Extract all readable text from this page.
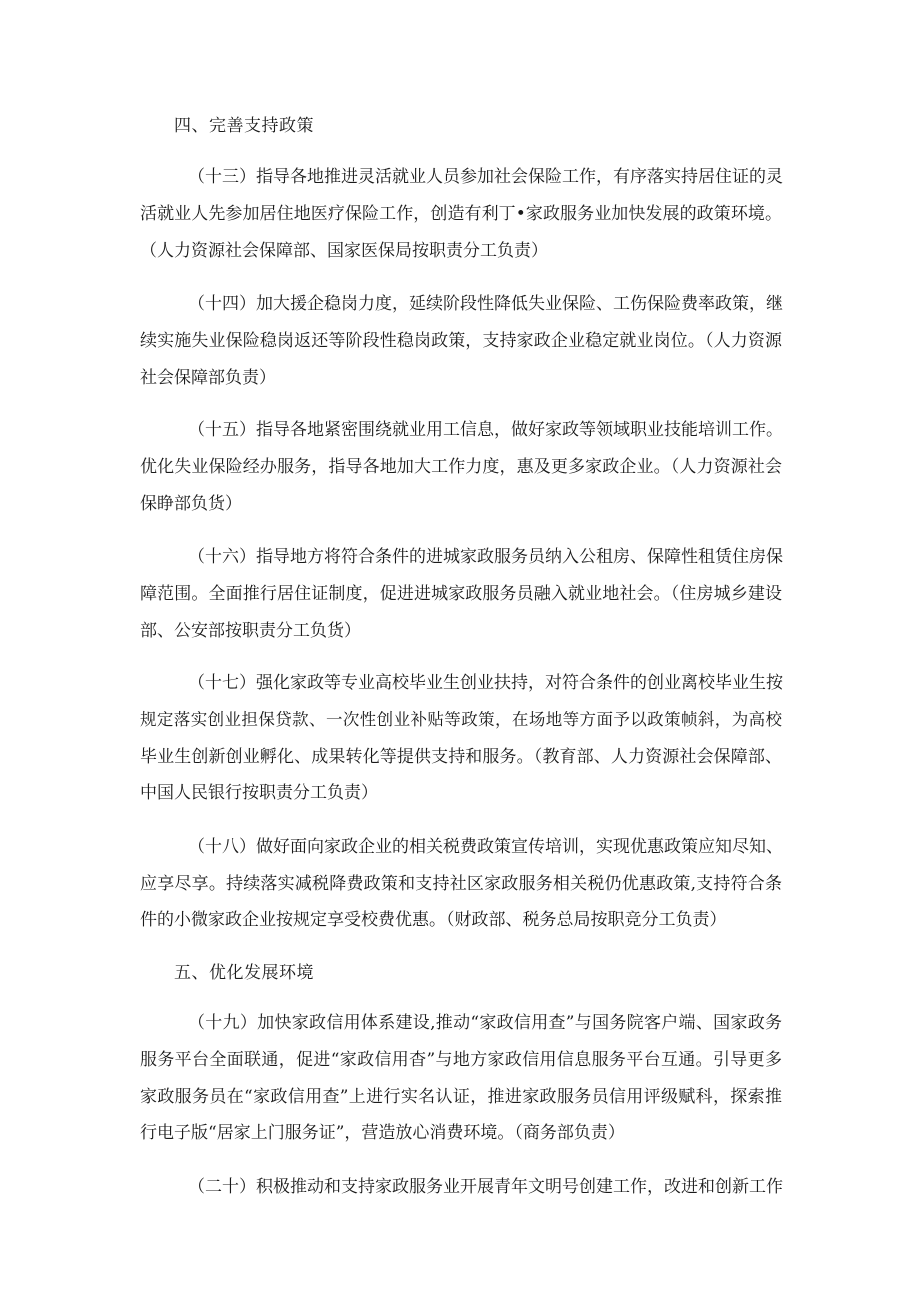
四、完善支持政策

（十三）指导各地推进灵活就业人员参加社会保险工作，有序落实持居住证的灵

活就业人先参加居住地医疗保险工作，创造有利丁•家政服务业加快发展的政策环境。

（人力资源社会保障部、国家医保局按职责分工负责）

（十四）加大援企稳岗力度，延续阶段性降低失业保险、工伤保险费率政策，继

续实施失业保险稳岗返还等阶段性稳岗政策，支持家政企业稳定就业岗位。（人力资源

社会保障部负责）

（十五）指导各地紧密围绕就业用工信息，做好家政等领域职业技能培训工作。

优化失业保险经办服务，指导各地加大工作力度，惠及更多家政企业。（人力资源社会

保睁部负货）

（十六）指导地方将符合条件的进城家政服务员纳入公租房、保障性租赁住房保

障范围。全面推行居住证制度，促进进城家政服务员融入就业地社会。（住房城乡建设

部、公安部按职责分工负货）

（十七）强化家政等专业高校毕业生创业扶持，对符合条件的创业离校毕业生按

规定落实创业担保贷款、一次性创业补贴等政策，在场地等方面予以政策帧斜，为高校

毕业生创新创业孵化、成果转化等提供支持和服务。（教育部、人力资源社会保障部、

中国人民银行按职责分工负责）

（十八）做好面向家政企业的相关税费政策宣传培训，实现优惠政策应知尽知、

应享尽享。持续落实减税降费政策和支持社区家政服务相关税仍优惠政策,支持符合条

件的小微家政企业按规定享受校费优惠。（财政部、税务总局按职竞分工负责）

五、优化发展环境

（十九）加快家政信用体系建设,推动“家政信用查”与国务院客户端、国家政务

服务平台全面联通，促进“家政信用杳”与地方家政信用信息服务平台互通。引导更多

家政服务员在“家政信用查”上进行实名认证，推进家政服务员信用评级赋科，探索推

行电子版“居家上门服务证”，营造放心消费环境。（商务部负责）

（二十）积极推动和支持家政服务业开展青年文明号创建工作，改进和创新工作
